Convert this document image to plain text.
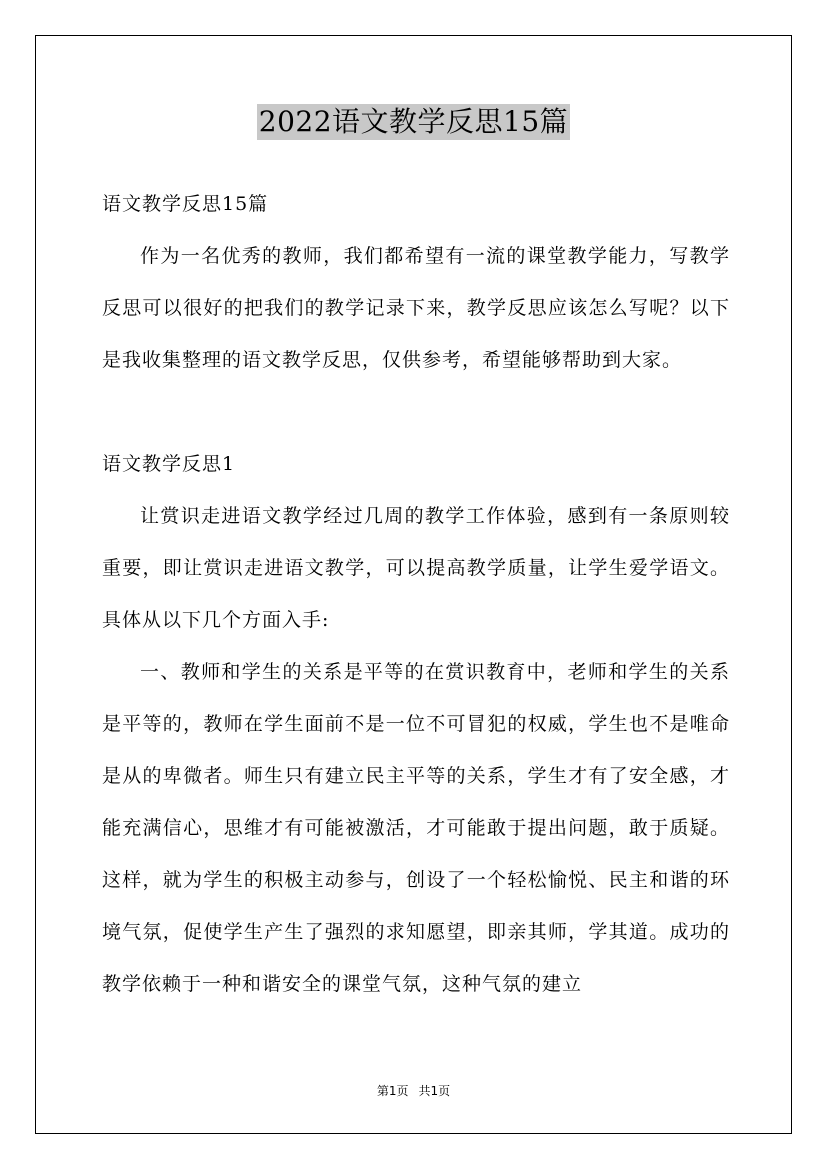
2022语文教学反思15篇

语文教学反思15篇

作为一名优秀的教师，我们都希望有一流的课堂教学能力，写教学反思可以很好的把我们的教学记录下来，教学反思应该怎么写呢？以下是我收集整理的语文教学反思，仅供参考，希望能够帮助到大家。

语文教学反思1

让赏识走进语文教学经过几周的教学工作体验，感到有一条原则较重要，即让赏识走进语文教学，可以提高教学质量，让学生爱学语文。具体从以下几个方面入手:

一、教师和学生的关系是平等的在赏识教育中，老师和学生的关系是平等的，教师在学生面前不是一位不可冒犯的权威，学生也不是唯命是从的卑微者。师生只有建立民主平等的关系，学生才有了安全感，才能充满信心，思维才有可能被激活，才可能敢于提出问题，敢于质疑。这样，就为学生的积极主动参与，创设了一个轻松愉悦、民主和谐的环境气氛，促使学生产生了强烈的求知愿望，即亲其师，学其道。成功的教学依赖于一种和谐安全的课堂气氛，这种气氛的建立

第1页 共1页
